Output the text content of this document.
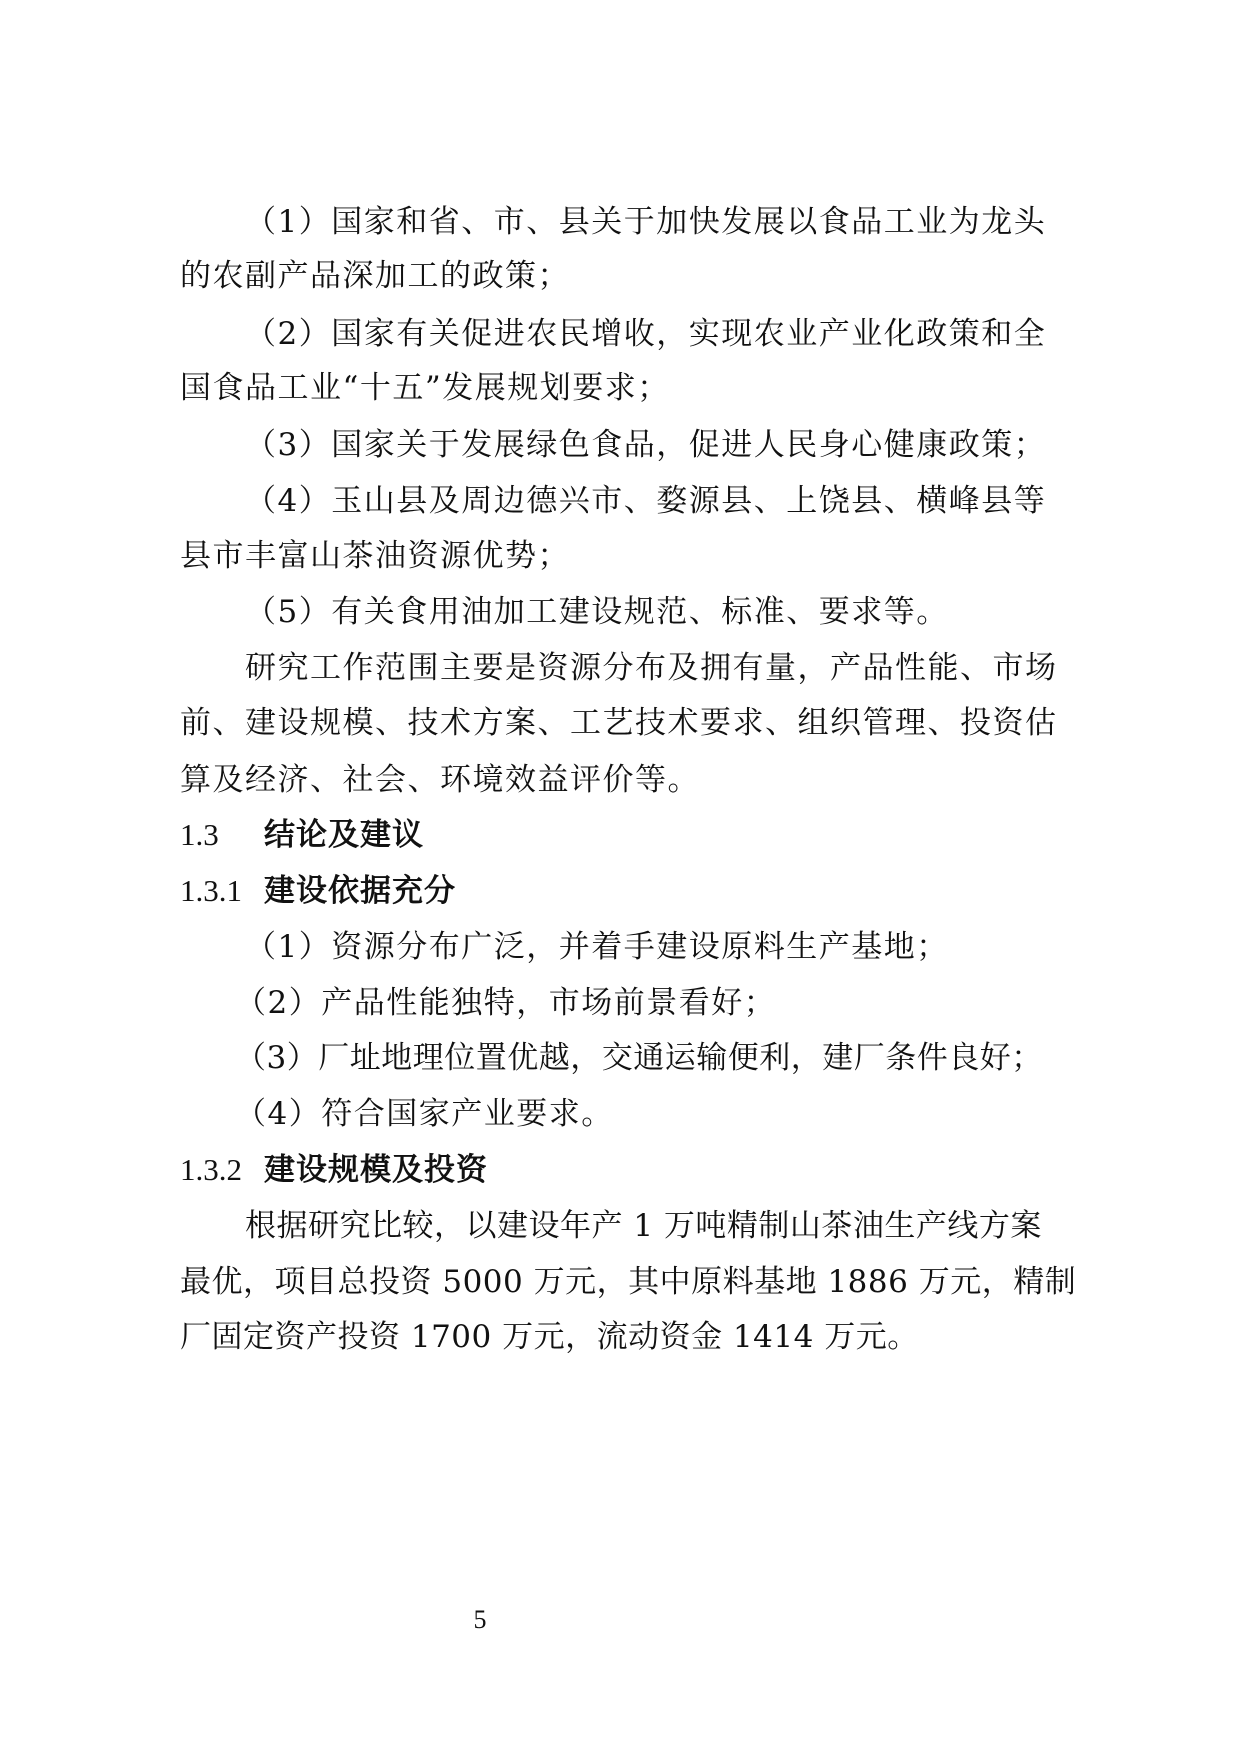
（1）国家和省、市、县关于加快发展以食品工业为龙头
的农副产品深加工的政策；
（2）国家有关促进农民增收，实现农业产业化政策和全
国食品工业“十五”发展规划要求；
（3）国家关于发展绿色食品，促进人民身心健康政策；
（4）玉山县及周边德兴市、婺源县、上饶县、横峰县等
县市丰富山茶油资源优势；
（5）有关食用油加工建设规范、标准、要求等。
研究工作范围主要是资源分布及拥有量，产品性能、市场
前、建设规模、技术方案、工艺技术要求、组织管理、投资估
算及经济、社会、环境效益评价等。
1.3 结论及建议
1.3.1 建设依据充分
（1）资源分布广泛，并着手建设原料生产基地；
（2）产品性能独特，市场前景看好；
（3）厂址地理位置优越，交通运输便利，建厂条件良好；
（4）符合国家产业要求。
1.3.2 建设规模及投资
根据研究比较，以建设年产 1 万吨精制山茶油生产线方案
最优，项目总投资 5000 万元，其中原料基地 1886 万元，精制
厂固定资产投资 1700 万元，流动资金 1414 万元。
5
